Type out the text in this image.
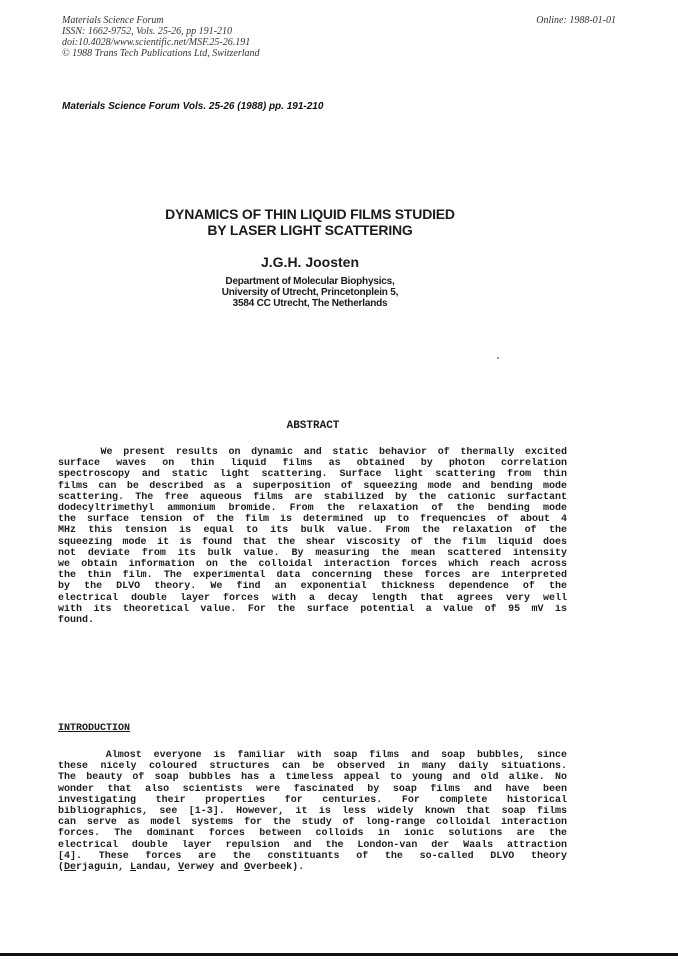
Materials Science Forum
ISSN: 1662-9752, Vols. 25-26, pp 191-210
doi:10.4028/www.scientific.net/MSF.25-26.191
© 1988 Trans Tech Publications Ltd, Switzerland
Online: 1988-01-01
Materials Science Forum Vols. 25-26 (1988) pp. 191-210
DYNAMICS OF THIN LIQUID FILMS STUDIED
BY LASER LIGHT SCATTERING
J.G.H. Joosten
Department of Molecular Biophysics,
University of Utrecht, Princetonplein 5,
3584 CC Utrecht, The Netherlands
ABSTRACT
We present results on dynamic and static behavior of thermally excited
surface waves on thin liquid films as obtained by photon correlation
spectroscopy and static light scattering. Surface light scattering from thin
films can be described as a superposition of squeezing mode and bending mode
scattering. The free aqueous films are stabilized by the cationic surfactant
dodecyltrimethyl ammonium bromide. From the relaxation of the bending mode
the surface tension of the film is determined up to frequencies of about 4
MHz this tension is equal to its bulk value. From the relaxation of the
squeezing mode it is found that the shear viscosity of the film liquid does
not deviate from its bulk value. By measuring the mean scattered intensity
we obtain information on the colloidal interaction forces which reach across
the thin film. The experimental data concerning these forces are interpreted
by the DLVO theory. We find an exponential thickness dependence of the
electrical double layer forces with a decay length that agrees very well
with its theoretical value. For the surface potential a value of 95 mV is
found.
INTRODUCTION
Almost everyone is familiar with soap films and soap bubbles, since
these nicely coloured structures can be observed in many daily situations.
The beauty of soap bubbles has a timeless appeal to young and old alike. No
wonder that also scientists were fascinated by soap films and have been
investigating their properties for centuries. For complete historical
bibliographics, see [1-3]. However, it is less widely known that soap films
can serve as model systems for the study of long-range colloidal interaction
forces. The dominant forces between colloids in ionic solutions are the
electrical double layer repulsion and the London-van der Waals attraction
[4]. These forces are the constituants of the so-called DLVO theory
(Derjaguin, Landau, Verwey and Overbeek).
